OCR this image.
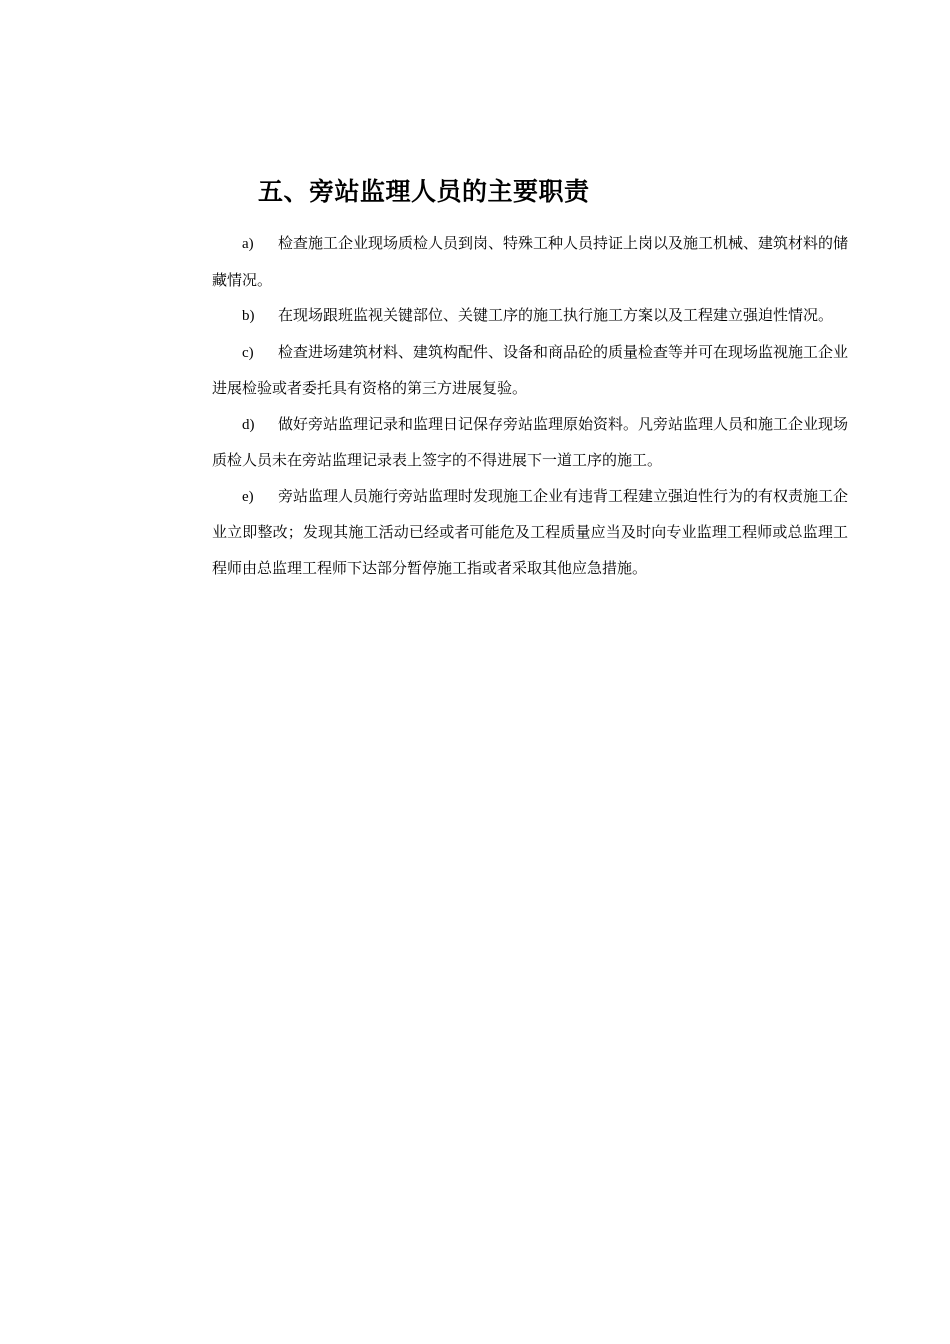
五、旁站监理人员的主要职责

a) 检查施工企业现场质检人员到岗、特殊工种人员持证上岗以及施工机械、建筑材料的储藏情况。

b) 在现场跟班监视关键部位、关键工序的施工执行施工方案以及工程建立强迫性情况。

c) 检查进场建筑材料、建筑构配件、设备和商品砼的质量检查等并可在现场监视施工企业进展检验或者委托具有资格的第三方进展复验。

d) 做好旁站监理记录和监理日记保存旁站监理原始资料。凡旁站监理人员和施工企业现场质检人员未在旁站监理记录表上签字的不得进展下一道工序的施工。

e) 旁站监理人员施行旁站监理时发现施工企业有违背工程建立强迫性行为的有权责施工企业立即整改；发现其施工活动已经或者可能危及工程质量应当及时向专业监理工程师或总监理工程师由总监理工程师下达部分暂停施工指或者采取其他应急措施。
